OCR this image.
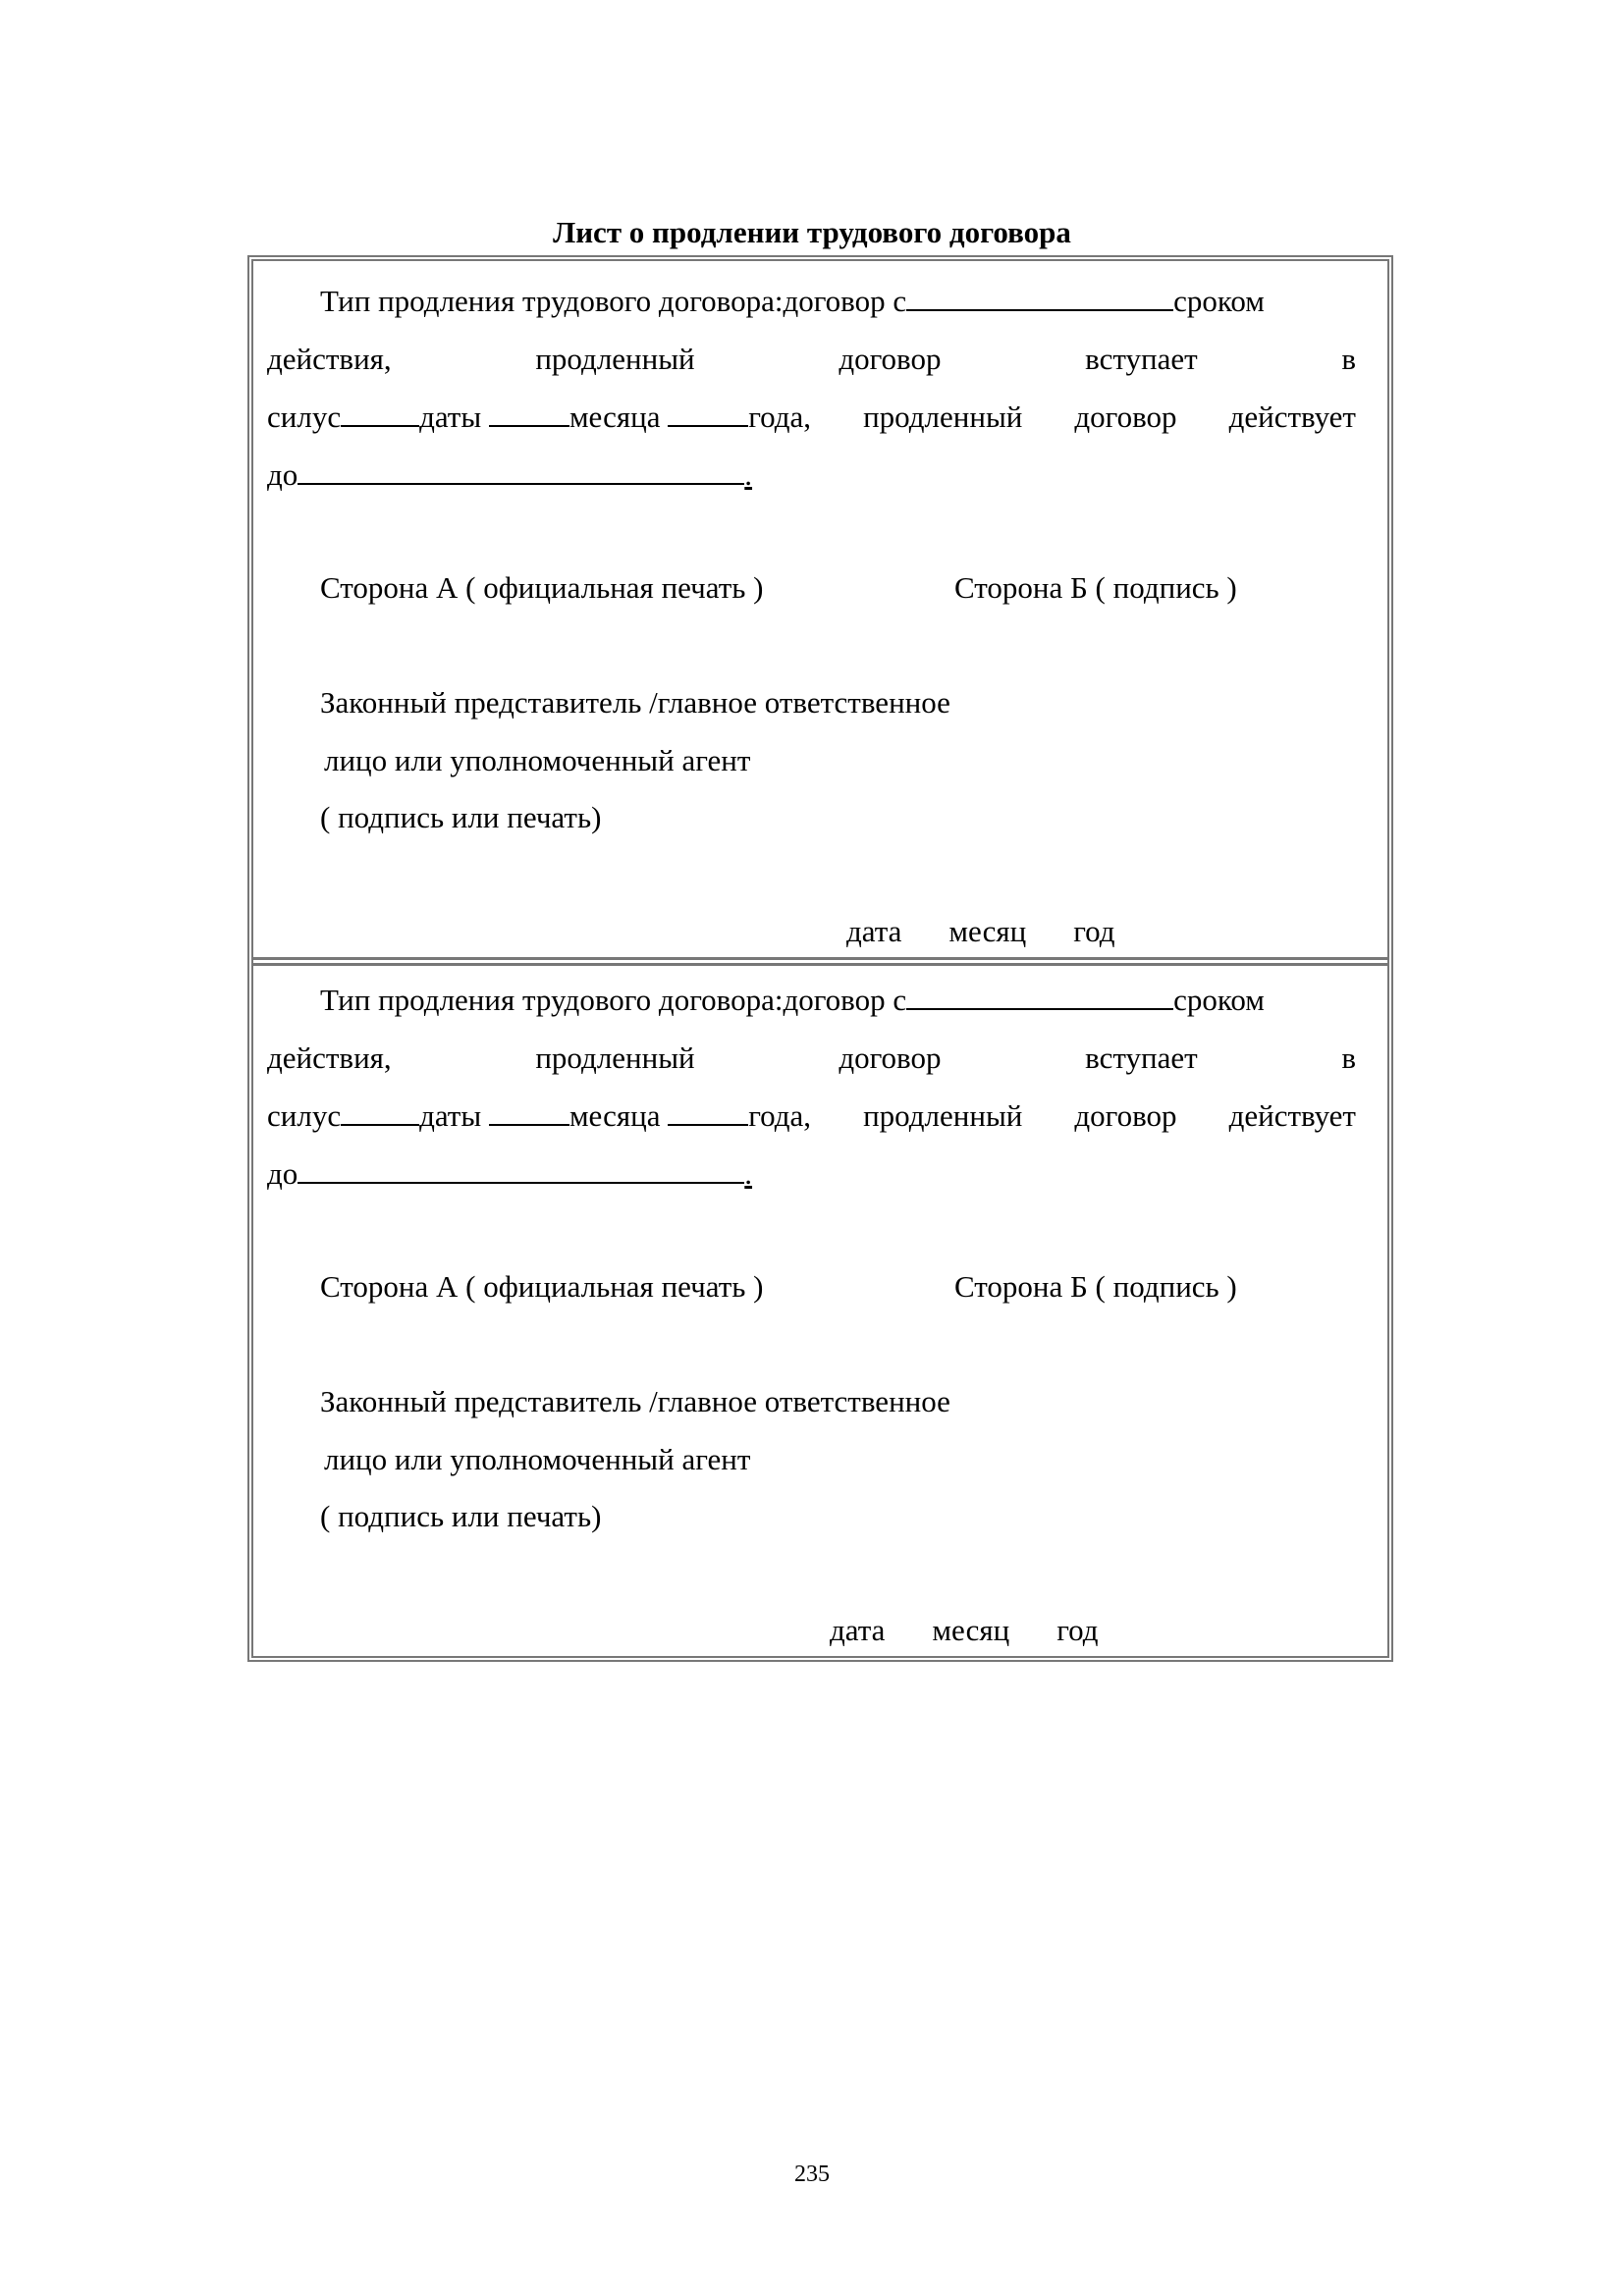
Лист о продлении трудового договора
Тип продления трудового договора:договор с	сроком
действия,	продленный	договор	вступает	в
силус	даты	месяца	года, продленный договор действует
до	.
Сторона А ( официальная печать )	Сторона Б ( подпись )
Законный представитель /главное ответственное
лицо или уполномоченный агент
( подпись или печать)
дата месяц год
Тип продления трудового договора:договор с	сроком
действия,	продленный	договор	вступает	в
силус	даты	месяца	года, продленный договор действует
до	.
Сторона А ( официальная печать )	Сторона Б ( подпись )
Законный представитель /главное ответственное
лицо или уполномоченный агент
( подпись или печать)
дата месяц год
235
